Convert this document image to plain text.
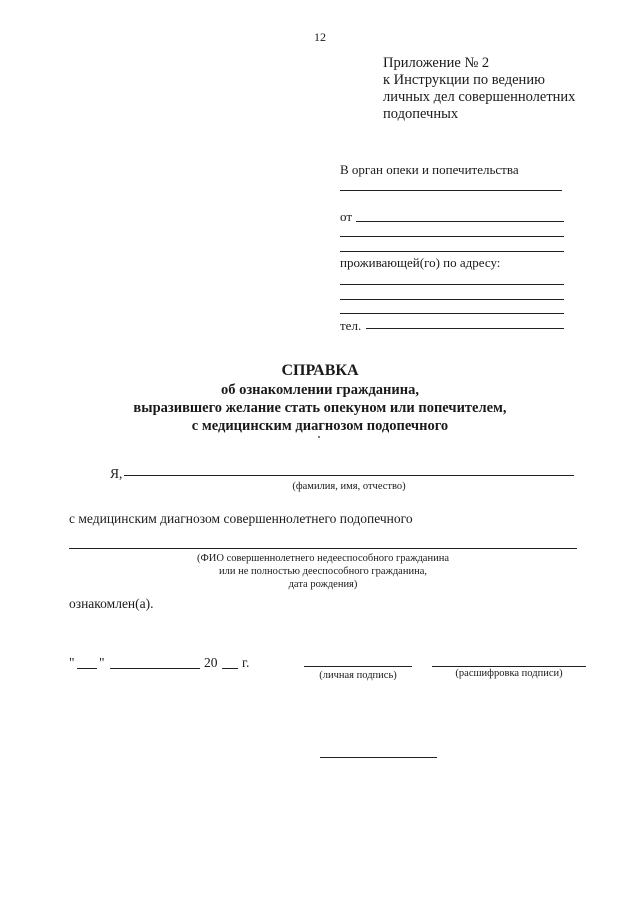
12
Приложение № 2
к Инструкции по ведению
личных дел совершеннолетних
подопечных
В орган опеки и попечительства
от
проживающей(го) по адресу:
тел.
СПРАВКА
об ознакомлении гражданина,
выразившего желание стать опекуном или попечителем,
с медицинским диагнозом подопечного
Я,
(фамилия, имя, отчество)
с медицинским диагнозом совершеннолетнего подопечного
(ФИО совершеннолетнего недееспособного гражданина
или не полностью дееспособного гражданина,
дата рождения)
ознакомлен(а).
" "	20 г.
(личная подпись)	(расшифровка подписи)
